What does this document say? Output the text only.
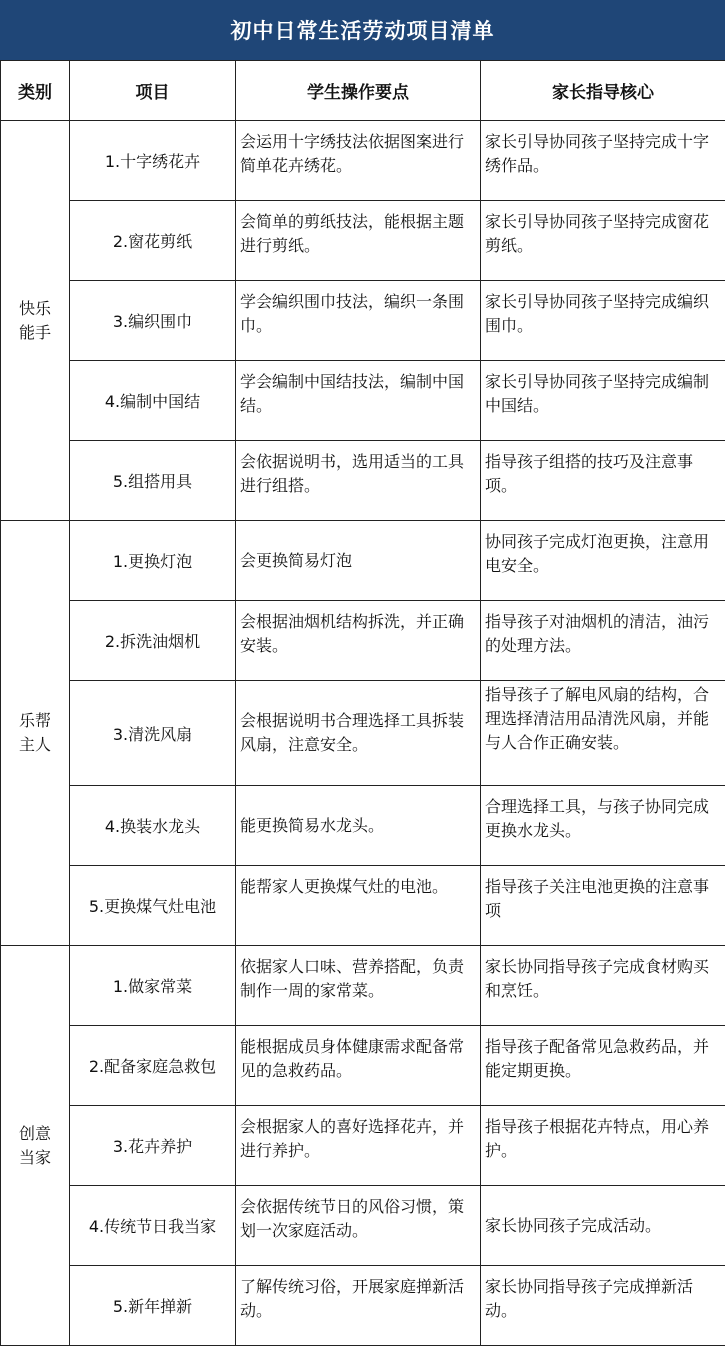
初中日常生活劳动项目清单
类别	项目	学生操作要点	家长指导核心
快乐能手	1.十字绣花卉	会运用十字绣技法依据图案进行简单花卉绣花。	家长引导协同孩子坚持完成十字绣作品。
	2.窗花剪纸	会简单的剪纸技法，能根据主题进行剪纸。	家长引导协同孩子坚持完成窗花剪纸。
	3.编织围巾	学会编织围巾技法，编织一条围巾。	家长引导协同孩子坚持完成编织围巾。
	4.编制中国结	学会编制中国结技法，编制中国结。	家长引导协同孩子坚持完成编制中国结。
	5.组搭用具	会依据说明书，选用适当的工具进行组搭。	指导孩子组搭的技巧及注意事项。
乐帮主人	1.更换灯泡	会更换简易灯泡	协同孩子完成灯泡更换，注意用电安全。
	2.拆洗油烟机	会根据油烟机结构拆洗，并正确安装。	指导孩子对油烟机的清洁，油污的处理方法。
	3.清洗风扇	会根据说明书合理选择工具拆装风扇，注意安全。	指导孩子了解电风扇的结构，合理选择清洁用品清洗风扇，并能与人合作正确安装。
	4.换装水龙头	能更换简易水龙头。	合理选择工具，与孩子协同完成更换水龙头。
	5.更换煤气灶电池	能帮家人更换煤气灶的电池。	指导孩子关注电池更换的注意事项
创意当家	1.做家常菜	依据家人口味、营养搭配，负责制作一周的家常菜。	家长协同指导孩子完成食材购买和烹饪。
	2.配备家庭急救包	能根据成员身体健康需求配备常见的急救药品。	指导孩子配备常见急救药品，并能定期更换。
	3.花卉养护	会根据家人的喜好选择花卉，并进行养护。	指导孩子根据花卉特点，用心养护。
	4.传统节日我当家	会依据传统节日的风俗习惯，策划一次家庭活动。	家长协同孩子完成活动。
	5.新年掸新	了解传统习俗，开展家庭掸新活动。	家长协同指导孩子完成掸新活动。
